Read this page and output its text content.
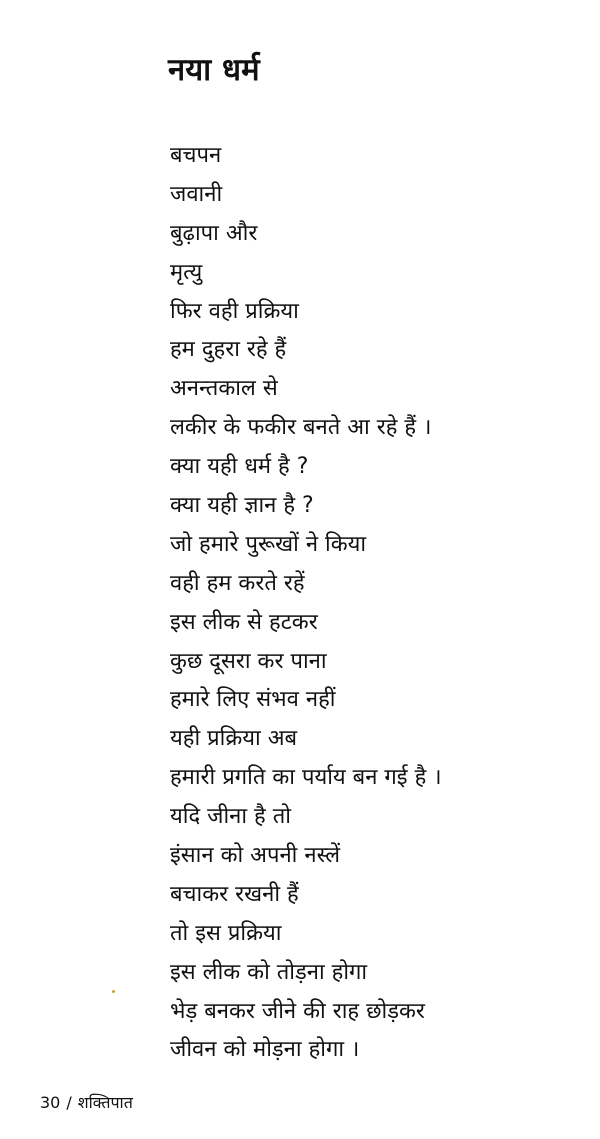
नया धर्म
बचपन
जवानी
बुढ़ापा और
मृत्यु
फिर वही प्रक्रिया
हम दुहरा रहे हैं
अनन्तकाल से
लकीर के फकीर बनते आ रहे हैं ।
क्या यही धर्म है ?
क्या यही ज्ञान है ?
जो हमारे पुरूखों ने किया
वही हम करते रहें
इस लीक से हटकर
कुछ दूसरा कर पाना
हमारे लिए संभव नहीं
यही प्रक्रिया अब
हमारी प्रगति का पर्याय बन गई है ।
यदि जीना है तो
इंसान को अपनी नस्लें
बचाकर रखनी हैं
तो इस प्रक्रिया
इस लीक को तोड़ना होगा
भेड़ बनकर जीने की राह छोड़कर
जीवन को मोड़ना होगा ।
30 / शक्तिपात
